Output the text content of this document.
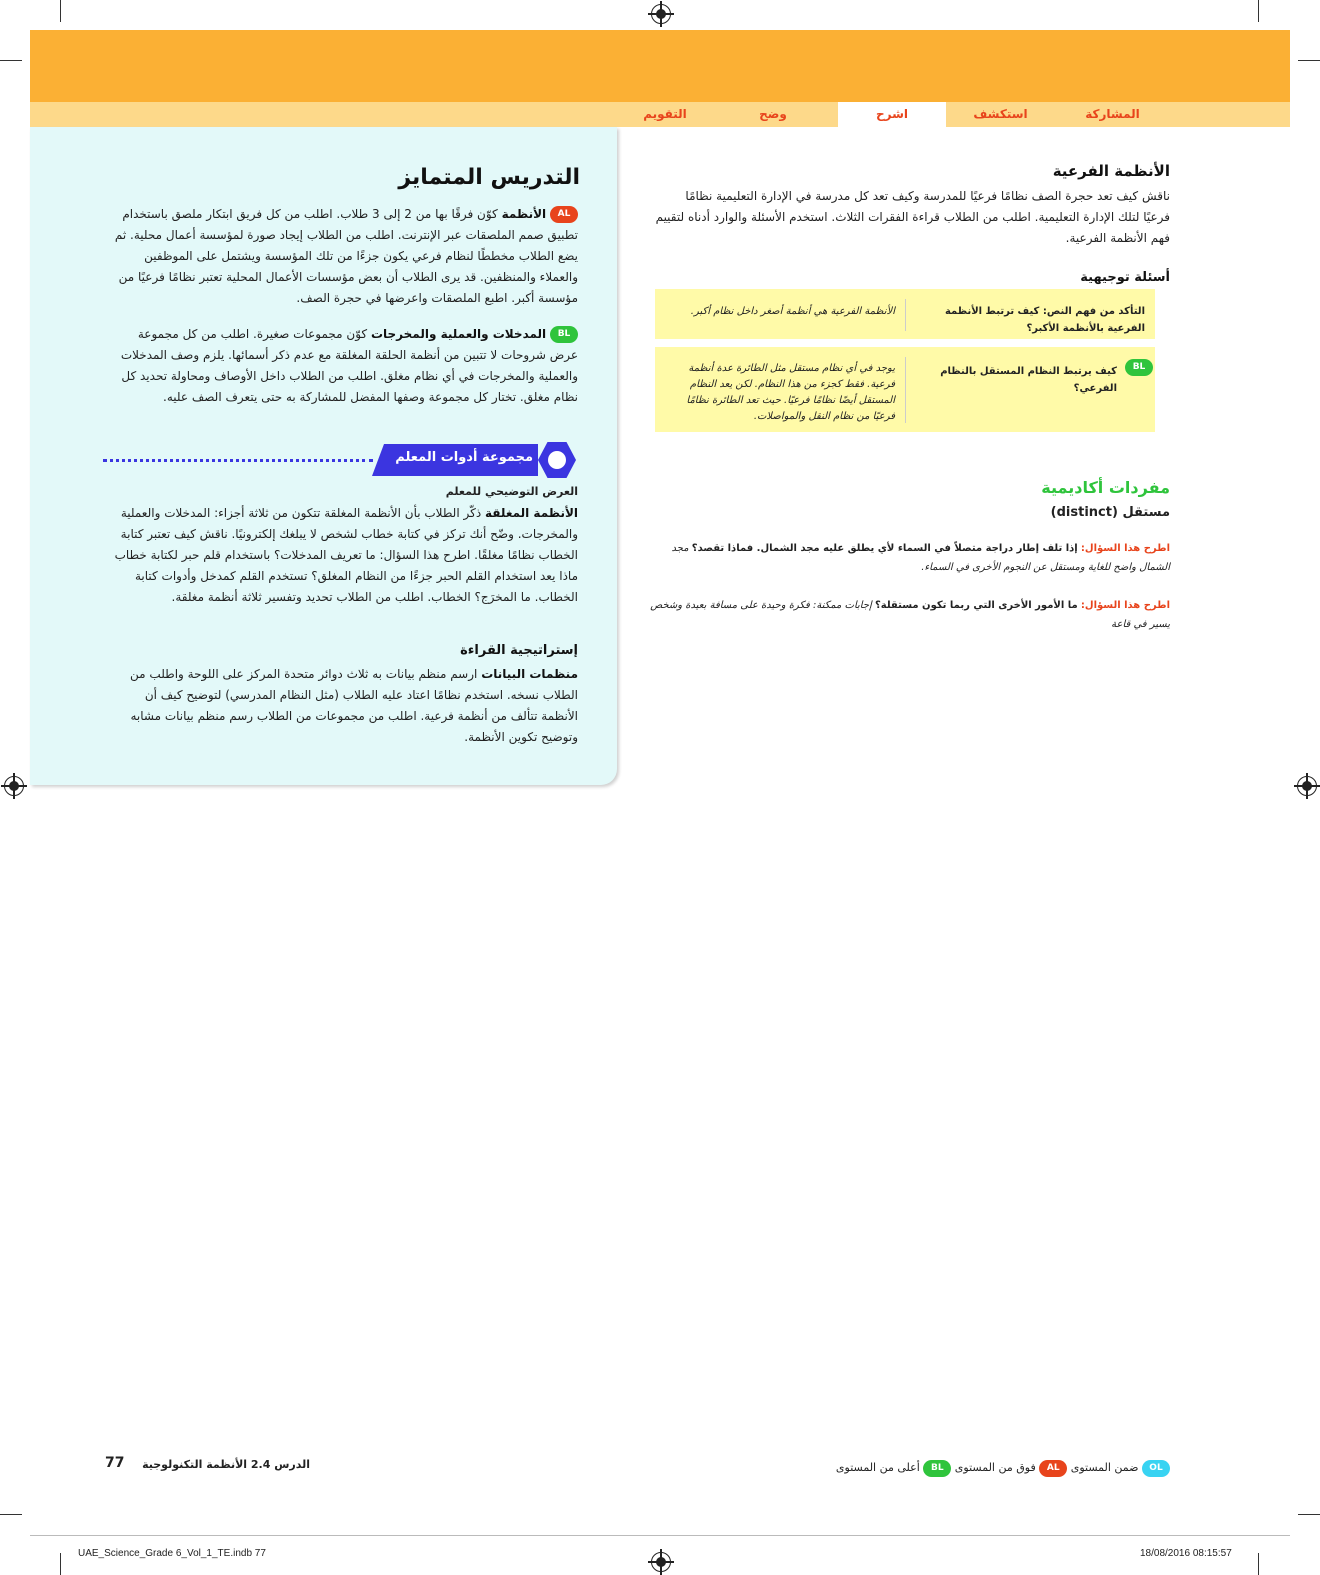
المشاركة
استكشف
اشرح
وضح
التقويم
الأنظمة الفرعية
ناقش كيف تعد حجرة الصف نظامًا فرعيًا للمدرسة وكيف تعد كل مدرسة في الإدارة التعليمية نظامًا فرعيًا لتلك الإدارة التعليمية. اطلب من الطلاب قراءة الفقرات الثلاث. استخدم الأسئلة والوارد أدناه لتقييم فهم الأنظمة الفرعية.
أسئلة توجيهية
التأكد من فهم النص: كيف ترتبط الأنظمة الفرعية بالأنظمة الأكبر؟
الأنظمة الفرعية هي أنظمة أصغر داخل نظام أكبر.
BL
كيف يرتبط النظام المستقل بالنظام الفرعي؟
يوجد في أي نظام مستقل مثل الطائرة عدة أنظمة فرعية. فقط كجزء من هذا النظام. لكن يعد النظام المستقل أيضًا نظامًا فرعيًا. حيث تعد الطائرة نظامًا فرعيًا من نظام النقل والمواصلات.
مفردات أكاديمية
مستقل (distinct)
اطرح هذا السؤال: إذا تلف إطار دراجة متصلاً في السماء لأي يطلق عليه مجد الشمال. فماذا تقصد؟ مجد الشمال واضح للغاية ومستقل عن النجوم الأخرى في السماء.
اطرح هذا السؤال: ما الأمور الأخرى التي ربما تكون مستقلة؟ إجابات ممكنة: فكرة وحيدة على مسافة بعيدة وشخص يسير في قاعة
التدريس المتمايز
AL الأنظمة كوّن فرقًا بها من 2 إلى 3 طلاب. اطلب من كل فريق ابتكار ملصق باستخدام تطبيق صمم الملصقات عبر الإنترنت. اطلب من الطلاب إيجاد صورة لمؤسسة أعمال محلية. ثم يضع الطلاب مخططًا لنظام فرعي يكون جزءًا من تلك المؤسسة ويشتمل على الموظفين والعملاء والمنظفين. قد يرى الطلاب أن بعض مؤسسات الأعمال المحلية تعتبر نظامًا فرعيًا من مؤسسة أكبر. اطبع الملصقات واعرضها في حجرة الصف.
BL المدخلات والعملية والمخرجات كوّن مجموعات صغيرة. اطلب من كل مجموعة عرض شروحات لا تتبين من أنظمة الحلقة المغلقة مع عدم ذكر أسمائها. يلزم وصف المدخلات والعملية والمخرجات في أي نظام مغلق. اطلب من الطلاب داخل الأوصاف ومحاولة تحديد كل نظام مغلق. تختار كل مجموعة وصفها المفضل للمشاركة به حتى يتعرف الصف عليه.
مجموعة أدوات المعلم
العرض التوضيحي للمعلم
الأنظمة المغلقة ذكّر الطلاب بأن الأنظمة المغلقة تتكون من ثلاثة أجزاء: المدخلات والعملية والمخرجات. وضّح أنك تركز في كتابة خطاب لشخص لا يبلغك إلكترونيًا. ناقش كيف تعتبر كتابة الخطاب نظامًا مغلقًا. اطرح هذا السؤال: ما تعريف المدخلات؟ باستخدام قلم حبر لكتابة خطاب ماذا يعد استخدام القلم الحبر جزءًا من النظام المغلق؟ تستخدم القلم كمدخل وأدوات كتابة الخطاب. ما المخرَج؟ الخطاب. اطلب من الطلاب تحديد وتفسير ثلاثة أنظمة مغلقة.
إستراتيجية القراءة
منظمات البيانات ارسم منظم بيانات به ثلاث دوائر متحدة المركز على اللوحة واطلب من الطلاب نسخه. استخدم نظامًا اعتاد عليه الطلاب (مثل النظام المدرسي) لتوضيح كيف أن الأنظمة تتألف من أنظمة فرعية. اطلب من مجموعات من الطلاب رسم منظم بيانات مشابه وتوضيح تكوين الأنظمة.
OL ضمن المستوى AL فوق من المستوى BL أعلى من المستوى
77 الدرس 2.4 الأنظمة التكنولوجية
UAE_Science_Grade 6_Vol_1_TE.indb 77	18/08/2016 08:15:57
